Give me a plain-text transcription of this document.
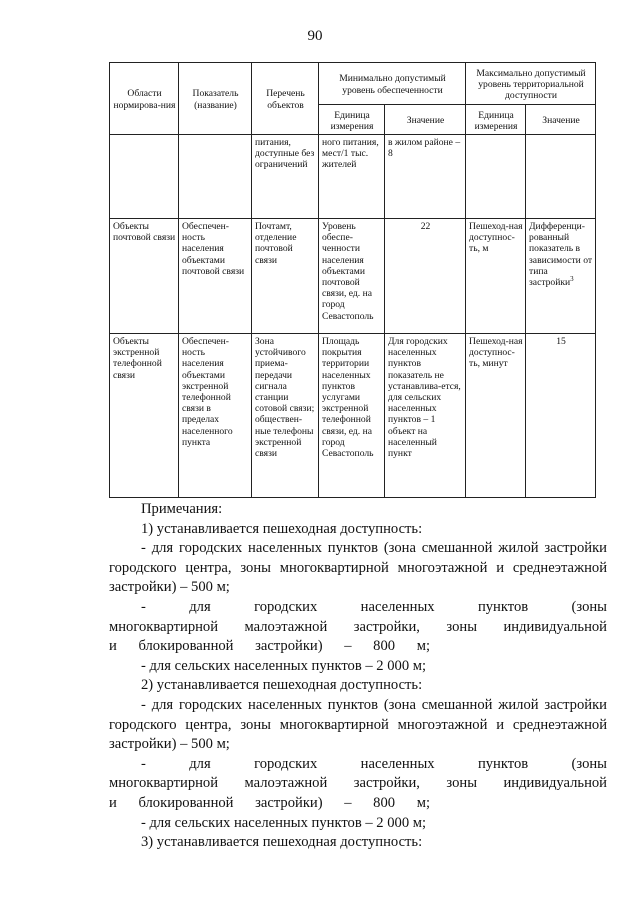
90
Области нормирова-ния	Показатель (название)	Перечень объектов	Минимально допустимый уровень обеспеченности		Максимально допустимый уровень территориальной доступности	
			Единица измерения	Значение	Единица измерения	Значение
		питания, доступные без ограничений	ного питания, мест/1 тыс. жителей	в жилом районе – 8		
Объекты почтовой связи	Обеспечен-ность населения объектами почтовой связи	Почтамт, отделение почтовой связи	Уровень обеспе-ченности населения объектами почтовой связи, ед. на город Севастополь	22	Пешеход-ная доступнос-ть, м	Дифференци-рованный показатель в зависимости от типа застройки$^3$
Объекты экстренной телефонной связи	Обеспечен-ность населения объектами экстренной телефонной связи в пределах населенного пункта	Зона устойчивого приема-передачи сигнала станции сотовой связи; обществен-ные телефоны экстренной связи	Площадь покрытия территории населенных пунктов услугами экстренной телефонной связи, ед. на город Севастополь	Для городских населенных пунктов показатель не устанавлива-ется, для сельских населенных пунктов – 1 объект на населенный пункт	Пешеход-ная доступнос-ть, минут	15

Примечания:

1) устанавливается пешеходная доступность:

- для городских населенных пунктов (зона смешанной жилой застройки городского центра, зоны многоквартирной многоэтажной и среднеэтажной застройки) – 500 м;

- для городских населенных пунктов (зоны многоквартирной малоэтажной застройки, зоны индивидуальной и блокированной застройки) – 800 м;

- для сельских населенных пунктов – 2 000 м;

2) устанавливается пешеходная доступность:

- для городских населенных пунктов (зона смешанной жилой застройки городского центра, зоны многоквартирной многоэтажной и среднеэтажной застройки) – 500 м;

- для городских населенных пунктов (зоны многоквартирной малоэтажной застройки, зоны индивидуальной и блокированной застройки) – 800 м;

- для сельских населенных пунктов – 2 000 м;

3) устанавливается пешеходная доступность:
